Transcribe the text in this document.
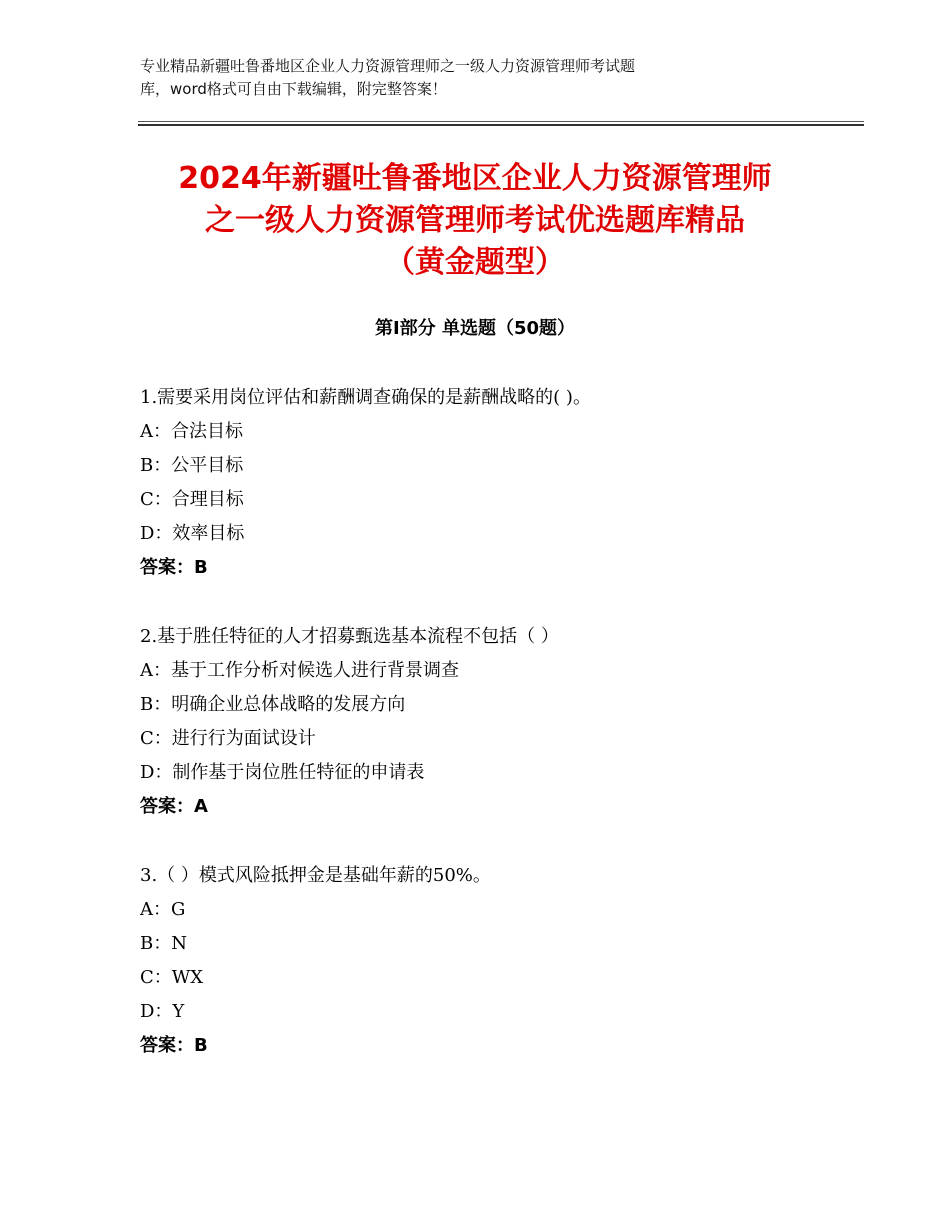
专业精品新疆吐鲁番地区企业人力资源管理师之一级人力资源管理师考试题
库，word格式可自由下载编辑，附完整答案！
2024年新疆吐鲁番地区企业人力资源管理师
之一级人力资源管理师考试优选题库精品
（黄金题型）
第Ⅰ部分 单选题（50题）
1.需要采用岗位评估和薪酬调查确保的是薪酬战略的( )。
A：合法目标
B：公平目标
C：合理目标
D：效率目标
答案：B
2.基于胜任特征的人才招募甄选基本流程不包括（ ）
A：基于工作分析对候选人进行背景调查
B：明确企业总体战略的发展方向
C：进行行为面试设计
D：制作基于岗位胜任特征的申请表
答案：A
3.（ ）模式风险抵押金是基础年薪的50%。
A：G
B：N
C：WX
D：Y
答案：B
